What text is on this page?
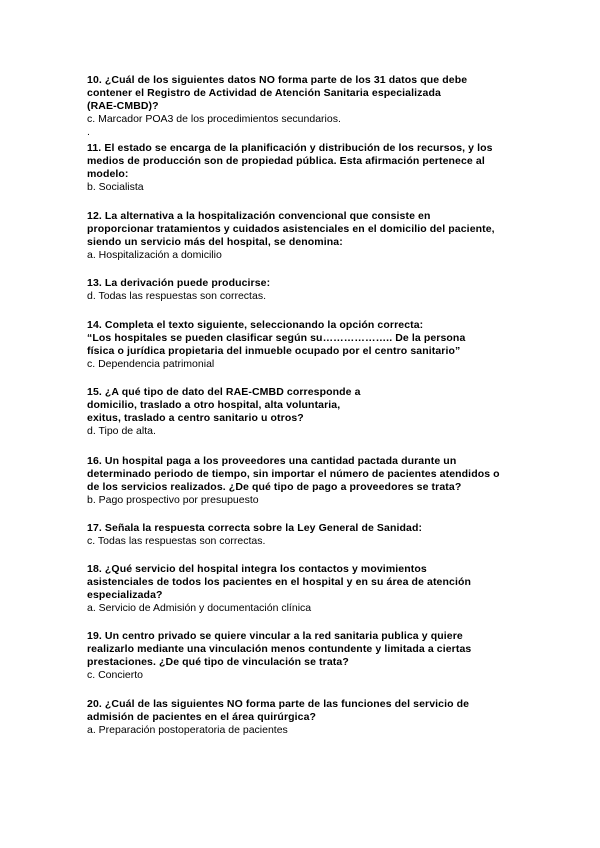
10. ¿Cuál de los siguientes datos NO forma parte de los 31 datos que debe
contener el Registro de Actividad de Atención Sanitaria especializada
(RAE-CMBD)?
c. Marcador POA3 de los procedimientos secundarios.
.
11. El estado se encarga de la planificación y distribución de los recursos, y los
medios de producción son de propiedad pública. Esta afirmación pertenece al
modelo:
b. Socialista
12. La alternativa a la hospitalización convencional que consiste en
proporcionar tratamientos y cuidados asistenciales en el domicilio del paciente,
siendo un servicio más del hospital, se denomina:
a. Hospitalización a domicilio
13. La derivación puede producirse:
d. Todas las respuestas son correctas.
14. Completa el texto siguiente, seleccionando la opción correcta:
“Los hospitales se pueden clasificar según su……………….. De la persona
física o jurídica propietaria del inmueble ocupado por el centro sanitario”
c. Dependencia patrimonial
15. ¿A qué tipo de dato del RAE-CMBD corresponde a
domicilio, traslado a otro hospital, alta voluntaria,
exitus, traslado a centro sanitario u otros?
d. Tipo de alta.
16. Un hospital paga a los proveedores una cantidad pactada durante un
determinado periodo de tiempo, sin importar el número de pacientes atendidos o
de los servicios realizados. ¿De qué tipo de pago a proveedores se trata?
b. Pago prospectivo por presupuesto
17. Señala la respuesta correcta sobre la Ley General de Sanidad:
c. Todas las respuestas son correctas.
18. ¿Qué servicio del hospital integra los contactos y movimientos
asistenciales de todos los pacientes en el hospital y en su área de atención
especializada?
a. Servicio de Admisión y documentación clínica
19. Un centro privado se quiere vincular a la red sanitaria publica y quiere
realizarlo mediante una vinculación menos contundente y limitada a ciertas
prestaciones. ¿De qué tipo de vinculación se trata?
c. Concierto
20. ¿Cuál de las siguientes NO forma parte de las funciones del servicio de
admisión de pacientes en el área quirúrgica?
a. Preparación postoperatoria de pacientes
